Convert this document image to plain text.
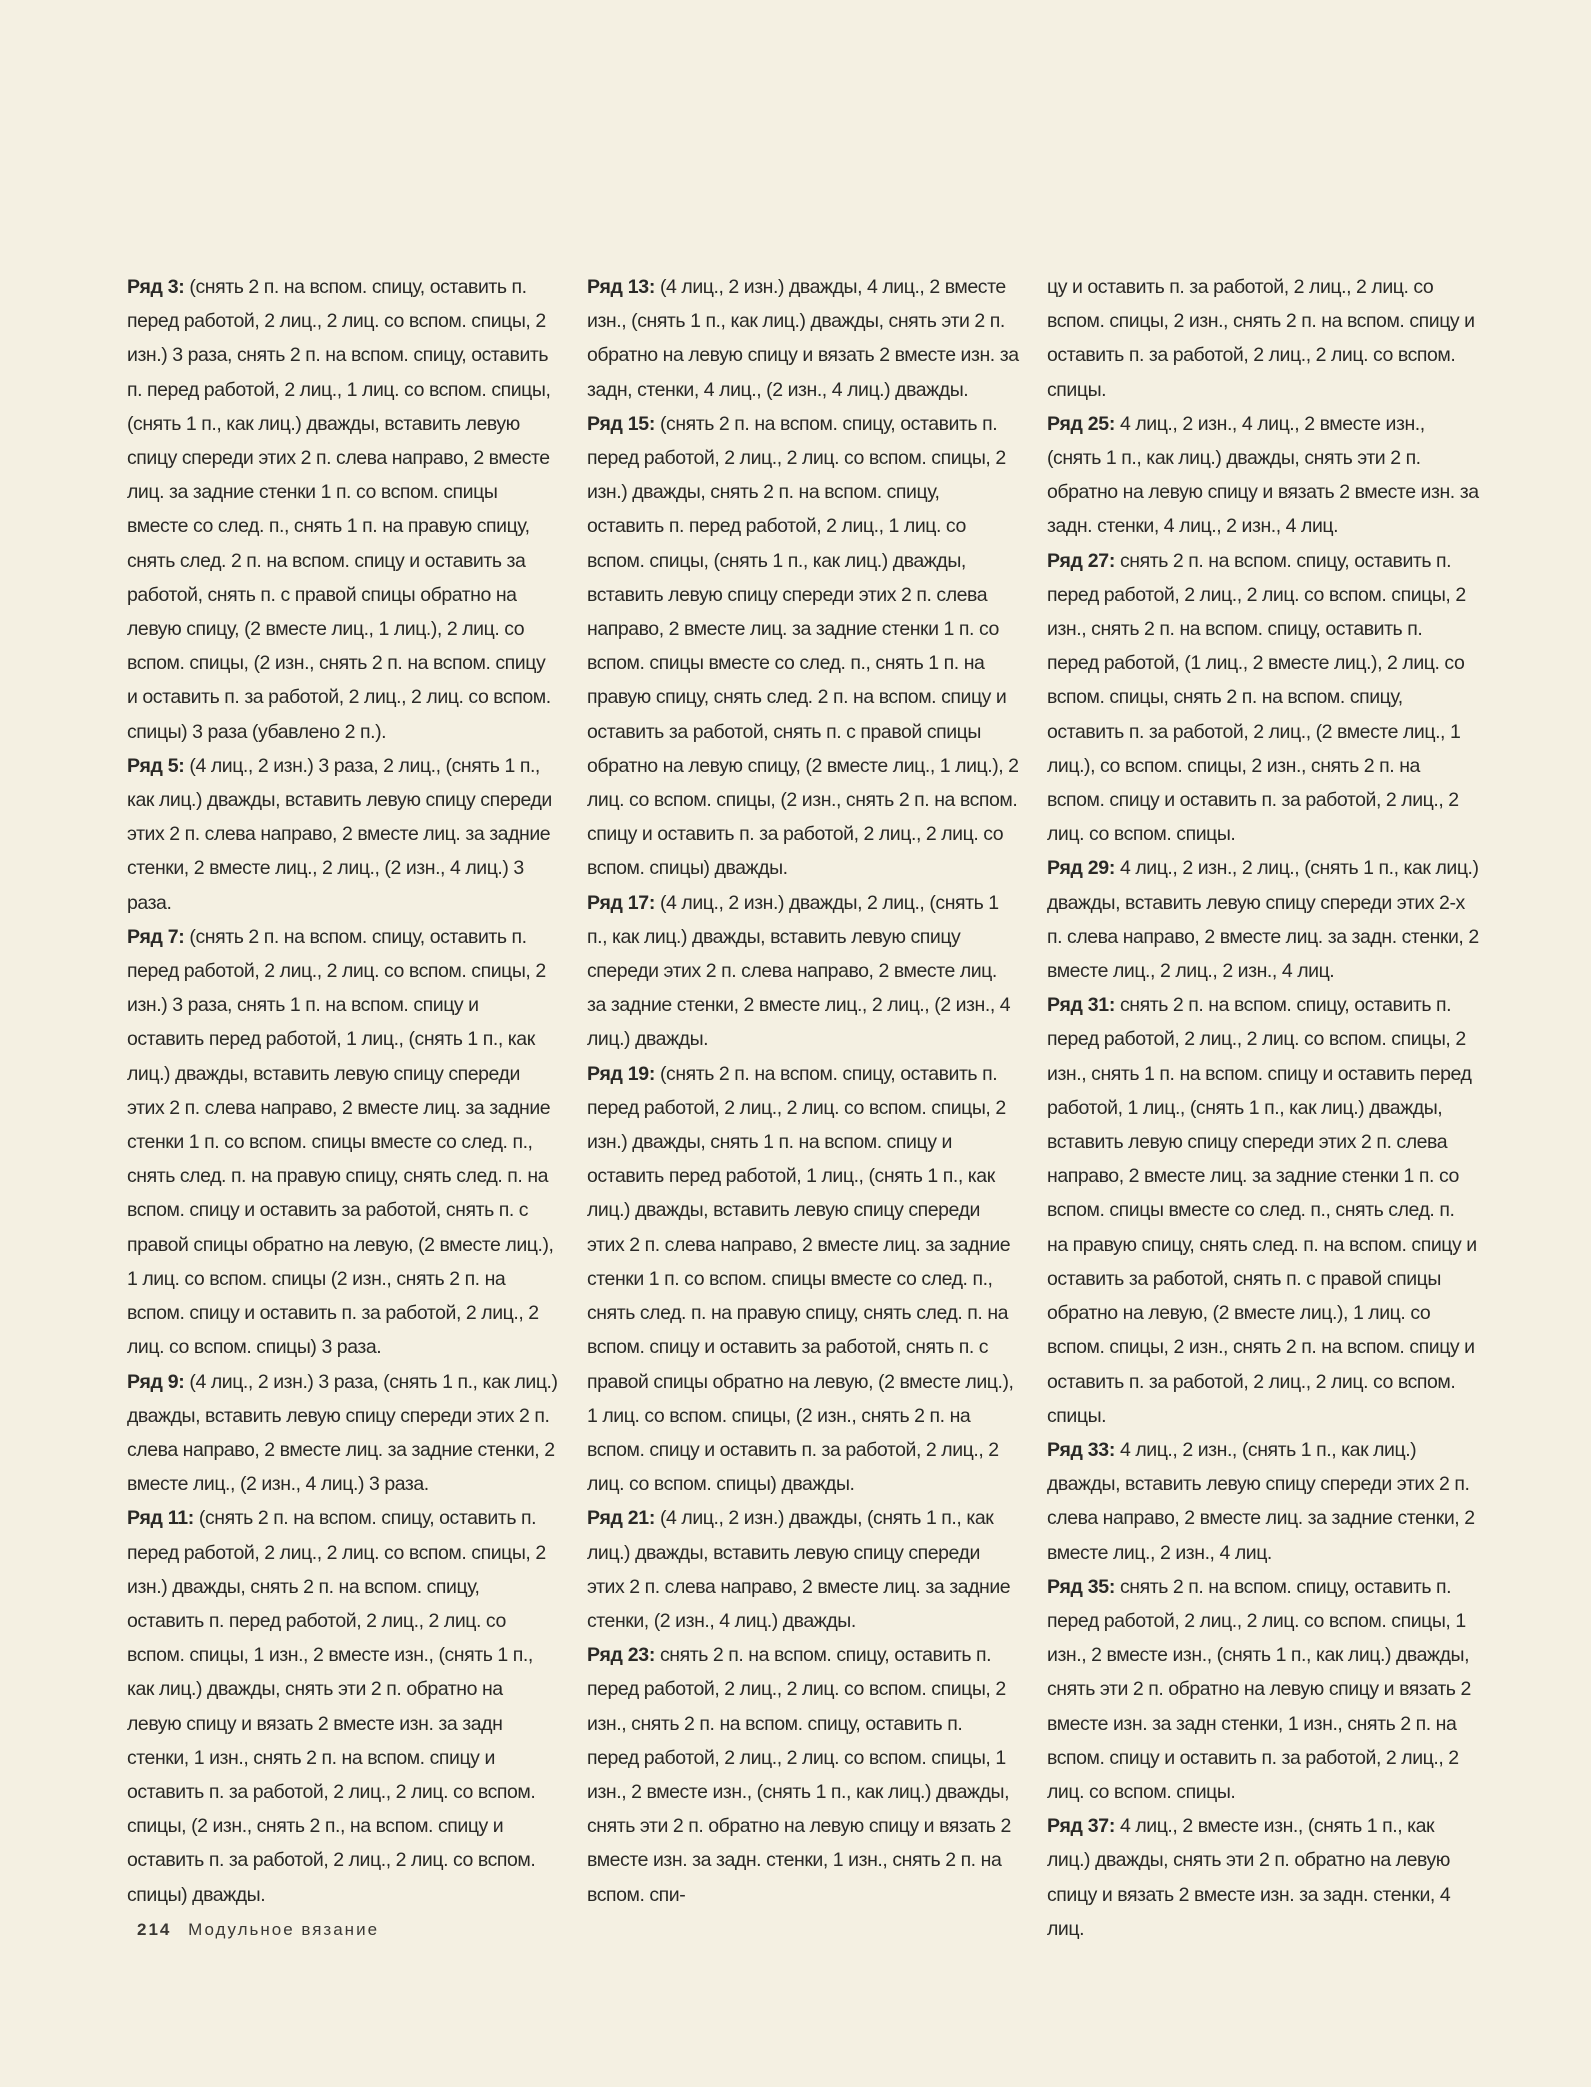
Ряд 3: (снять 2 п. на вспом. спицу, оставить п. перед работой, 2 лиц., 2 лиц. со вспом. спицы, 2 изн.) 3 раза, снять 2 п. на вспом. спицу, оставить п. перед работой, 2 лиц., 1 лиц. со вспом. спицы, (снять 1 п., как лиц.) дважды, вставить левую спицу спереди этих 2 п. слева направо, 2 вместе лиц. за задние стенки 1 п. со вспом. спицы вместе со след. п., снять 1 п. на правую спицу, снять след. 2 п. на вспом. спицу и оставить за работой, снять п. с правой спицы обратно на левую спицу, (2 вместе лиц., 1 лиц.), 2 лиц. со вспом. спицы, (2 изн., снять 2 п. на вспом. спицу и оставить п. за работой, 2 лиц., 2 лиц. со вспом. спицы) 3 раза (убавлено 2 п.).

Ряд 5: (4 лиц., 2 изн.) 3 раза, 2 лиц., (снять 1 п., как лиц.) дважды, вставить левую спицу спереди этих 2 п. слева направо, 2 вместе лиц. за задние стенки, 2 вместе лиц., 2 лиц., (2 изн., 4 лиц.) 3 раза.

Ряд 7: (снять 2 п. на вспом. спицу, оставить п. перед работой, 2 лиц., 2 лиц. со вспом. спицы, 2 изн.) 3 раза, снять 1 п. на вспом. спицу и оставить перед работой, 1 лиц., (снять 1 п., как лиц.) дважды, вставить левую спицу спереди этих 2 п. слева направо, 2 вместе лиц. за задние стенки 1 п. со вспом. спицы вместе со след. п., снять след. п. на правую спицу, снять след. п. на вспом. спицу и оставить за работой, снять п. с правой спицы обратно на левую, (2 вместе лиц.), 1 лиц. со вспом. спицы (2 изн., снять 2 п. на вспом. спицу и оставить п. за работой, 2 лиц., 2 лиц. со вспом. спицы) 3 раза.

Ряд 9: (4 лиц., 2 изн.) 3 раза, (снять 1 п., как лиц.) дважды, вставить левую спицу спереди этих 2 п. слева направо, 2 вместе лиц. за задние стенки, 2 вместе лиц., (2 изн., 4 лиц.) 3 раза.

Ряд 11: (снять 2 п. на вспом. спицу, оставить п. перед работой, 2 лиц., 2 лиц. со вспом. спицы, 2 изн.) дважды, снять 2 п. на вспом. спицу, оставить п. перед работой, 2 лиц., 2 лиц. со вспом. спицы, 1 изн., 2 вместе изн., (снять 1 п., как лиц.) дважды, снять эти 2 п. обратно на левую спицу и вязать 2 вместе изн. за задн стенки, 1 изн., снять 2 п. на вспом. спицу и оставить п. за работой, 2 лиц., 2 лиц. со вспом. спицы, (2 изн., снять 2 п., на вспом. спицу и оставить п. за работой, 2 лиц., 2 лиц. со вспом. спицы) дважды.

Ряд 13: (4 лиц., 2 изн.) дважды, 4 лиц., 2 вместе изн., (снять 1 п., как лиц.) дважды, снять эти 2 п. обратно на левую спицу и вязать 2 вместе изн. за задн, стенки, 4 лиц., (2 изн., 4 лиц.) дважды.

Ряд 15: (снять 2 п. на вспом. спицу, оставить п. перед работой, 2 лиц., 2 лиц. со вспом. спицы, 2 изн.) дважды, снять 2 п. на вспом. спицу, оставить п. перед работой, 2 лиц., 1 лиц. со вспом. спицы, (снять 1 п., как лиц.) дважды, вставить левую спицу спереди этих 2 п. слева направо, 2 вместе лиц. за задние стенки 1 п. со вспом. спицы вместе со след. п., снять 1 п. на правую спицу, снять след. 2 п. на вспом. спицу и оставить за работой, снять п. с правой спицы обратно на левую спицу, (2 вместе лиц., 1 лиц.), 2 лиц. со вспом. спицы, (2 изн., снять 2 п. на вспом. спицу и оставить п. за работой, 2 лиц., 2 лиц. со вспом. спицы) дважды.

Ряд 17: (4 лиц., 2 изн.) дважды, 2 лиц., (снять 1 п., как лиц.) дважды, вставить левую спицу спереди этих 2 п. слева направо, 2 вместе лиц. за задние стенки, 2 вместе лиц., 2 лиц., (2 изн., 4 лиц.) дважды.

Ряд 19: (снять 2 п. на вспом. спицу, оставить п. перед работой, 2 лиц., 2 лиц. со вспом. спицы, 2 изн.) дважды, снять 1 п. на вспом. спицу и оставить перед работой, 1 лиц., (снять 1 п., как лиц.) дважды, вставить левую спицу спереди этих 2 п. слева направо, 2 вместе лиц. за задние стенки 1 п. со вспом. спицы вместе со след. п., снять след. п. на правую спицу, снять след. п. на вспом. спицу и оставить за работой, снять п. с правой спицы обратно на левую, (2 вместе лиц.), 1 лиц. со вспом. спицы, (2 изн., снять 2 п. на вспом. спицу и оставить п. за работой, 2 лиц., 2 лиц. со вспом. спицы) дважды.

Ряд 21: (4 лиц., 2 изн.) дважды, (снять 1 п., как лиц.) дважды, вставить левую спицу спереди этих 2 п. слева направо, 2 вместе лиц. за задние стенки, (2 изн., 4 лиц.) дважды.

Ряд 23: снять 2 п. на вспом. спицу, оставить п. перед работой, 2 лиц., 2 лиц. со вспом. спицы, 2 изн., снять 2 п. на вспом. спицу, оставить п. перед работой, 2 лиц., 2 лиц. со вспом. спицы, 1 изн., 2 вместе изн., (снять 1 п., как лиц.) дважды, снять эти 2 п. обратно на левую спицу и вязать 2 вместе изн. за задн. стенки, 1 изн., снять 2 п. на вспом. спи-

цу и оставить п. за работой, 2 лиц., 2 лиц. со вспом. спицы, 2 изн., снять 2 п. на вспом. спицу и оставить п. за работой, 2 лиц., 2 лиц. со вспом. спицы.

Ряд 25: 4 лиц., 2 изн., 4 лиц., 2 вместе изн., (снять 1 п., как лиц.) дважды, снять эти 2 п. обратно на левую спицу и вязать 2 вместе изн. за задн. стенки, 4 лиц., 2 изн., 4 лиц.

Ряд 27: снять 2 п. на вспом. спицу, оставить п. перед работой, 2 лиц., 2 лиц. со вспом. спицы, 2 изн., снять 2 п. на вспом. спицу, оставить п. перед работой, (1 лиц., 2 вместе лиц.), 2 лиц. со вспом. спицы, снять 2 п. на вспом. спицу, оставить п. за работой, 2 лиц., (2 вместе лиц., 1 лиц.), со вспом. спицы, 2 изн., снять 2 п. на вспом. спицу и оставить п. за работой, 2 лиц., 2 лиц. со вспом. спицы.

Ряд 29: 4 лиц., 2 изн., 2 лиц., (снять 1 п., как лиц.) дважды, вставить левую спицу спереди этих 2-х п. слева направо, 2 вместе лиц. за задн. стенки, 2 вместе лиц., 2 лиц., 2 изн., 4 лиц.

Ряд 31: снять 2 п. на вспом. спицу, оставить п. перед работой, 2 лиц., 2 лиц. со вспом. спицы, 2 изн., снять 1 п. на вспом. спицу и оставить перед работой, 1 лиц., (снять 1 п., как лиц.) дважды, вставить левую спицу спереди этих 2 п. слева направо, 2 вместе лиц. за задние стенки 1 п. со вспом. спицы вместе со след. п., снять след. п. на правую спицу, снять след. п. на вспом. спицу и оставить за работой, снять п. с правой спицы обратно на левую, (2 вместе лиц.), 1 лиц. со вспом. спицы, 2 изн., снять 2 п. на вспом. спицу и оставить п. за работой, 2 лиц., 2 лиц. со вспом. спицы.

Ряд 33: 4 лиц., 2 изн., (снять 1 п., как лиц.) дважды, вставить левую спицу спереди этих 2 п. слева направо, 2 вместе лиц. за задние стенки, 2 вместе лиц., 2 изн., 4 лиц.

Ряд 35: снять 2 п. на вспом. спицу, оставить п. перед работой, 2 лиц., 2 лиц. со вспом. спицы, 1 изн., 2 вместе изн., (снять 1 п., как лиц.) дважды, снять эти 2 п. обратно на левую спицу и вязать 2 вместе изн. за задн стенки, 1 изн., снять 2 п. на вспом. спицу и оставить п. за работой, 2 лиц., 2 лиц. со вспом. спицы.

Ряд 37: 4 лиц., 2 вместе изн., (снять 1 п., как лиц.) дважды, снять эти 2 п. обратно на левую спицу и вязать 2 вместе изн. за задн. стенки, 4 лиц.

214 Модульное вязание
